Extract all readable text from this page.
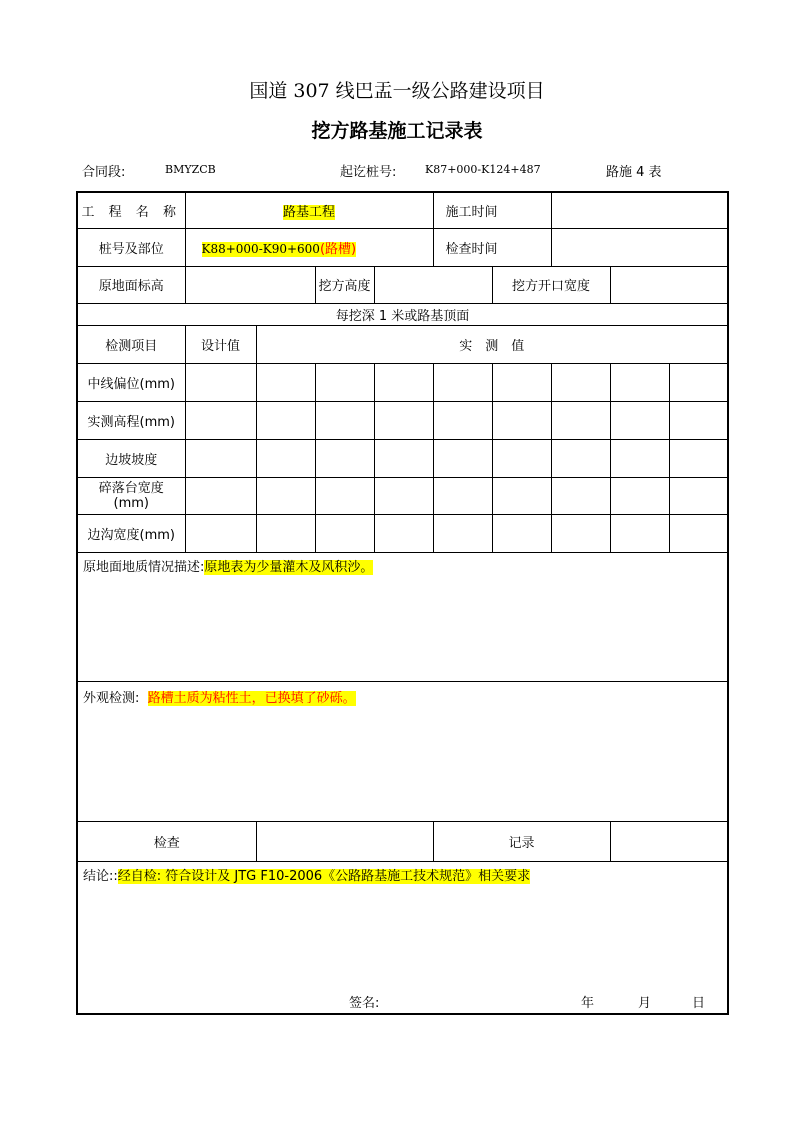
国道 307 线巴盂一级公路建设项目
挖方路基施工记录表
合同段:	BMYZCB	起讫桩号:	K87+000-K124+487	路施 4 表
工 程 名 称	路基工程				施工时间				
桩号及部位	K88+000-K90+600(路槽)				检查时间				
原地面标高			挖方高度			挖方开口宽度			
每挖深 1 米或路基顶面									
检测项目	设计值	实　测　值							
中线偏位(mm)									
实测高程(mm)									
边坡坡度									
碎落台宽度(mm)									
边沟宽度(mm)									
原地面地质情况描述:原地表为少量灌木及风积沙。									
外观检测: 路槽土质为粘性土，已换填了砂砾。									
检查					记录				
结论::经自检: 符合设计及 JTG F10-2006《公路路基施工技术规范》相关要求
签名: 年 月 日									
